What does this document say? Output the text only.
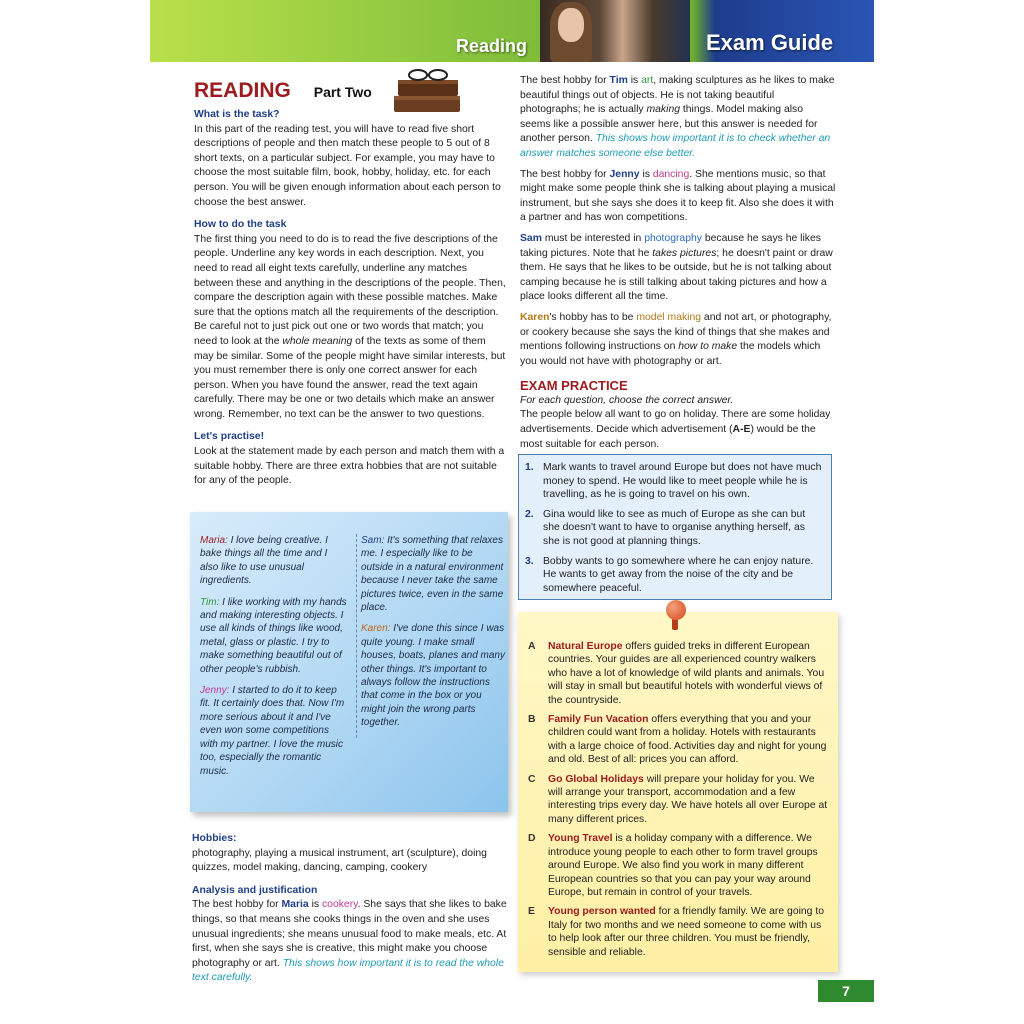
Reading	Exam Guide
READING Part Two
What is the task?

In this part of the reading test, you will have to read five short descriptions of people and then match these people to 5 out of 8 short texts, on a particular subject. For example, you may have to choose the most suitable film, book, hobby, holiday, etc. for each person. You will be given enough information about each person to choose the best answer.

How to do the task

The first thing you need to do is to read the five descriptions of the people. Underline any key words in each description. Next, you need to read all eight texts carefully, underline any matches between these and anything in the descriptions of the people. Then, compare the description again with these possible matches. Make sure that the options match all the requirements of the description. Be careful not to just pick out one or two words that match; you need to look at the whole meaning of the texts as some of them may be similar. Some of the people might have similar interests, but you must remember there is only one correct answer for each person. When you have found the answer, read the text again carefully. There may be one or two details which make an answer wrong. Remember, no text can be the answer to two questions.

Let's practise!

Look at the statement made by each person and match them with a suitable hobby. There are three extra hobbies that are not suitable for any of the people.

Maria: I love being creative. I bake things all the time and I also like to use unusual ingredients.
Tim: I like working with my hands and making interesting objects. I use all kinds of things like wood, metal, glass or plastic. I try to make something beautiful out of other people's rubbish.
Jenny: I started to do it to keep fit. It certainly does that. Now I'm more serious about it and I've even won some competitions with my partner. I love the music too, especially the romantic music.
Sam: It's something that relaxes me. I especially like to be outside in a natural environment because I never take the same pictures twice, even in the same place.
Karen: I've done this since I was quite young. I make small houses, boats, planes and many other things. It's important to always follow the instructions that come in the box or you might join the wrong parts together.
Hobbies:

photography, playing a musical instrument, art (sculpture), doing quizzes, model making, dancing, camping, cookery

Analysis and justification

The best hobby for Maria is cookery. She says that she likes to bake things, so that means she cooks things in the oven and she uses unusual ingredients; she means unusual food to make meals, etc. At first, when she says she is creative, this might make you choose photography or art. This shows how important it is to read the whole text carefully.

The best hobby for Tim is art, making sculptures as he likes to make beautiful things out of objects. He is not taking beautiful photographs; he is actually making things. Model making also seems like a possible answer here, but this answer is needed for another person. This shows how important it is to check whether an answer matches someone else better.

The best hobby for Jenny is dancing. She mentions music, so that might make some people think she is talking about playing a musical instrument, but she says she does it to keep fit. Also she does it with a partner and has won competitions.

Sam must be interested in photography because he says he likes taking pictures. Note that he takes pictures; he doesn't paint or draw them. He says that he likes to be outside, but he is not talking about camping because he is still talking about taking pictures and how a place looks different all the time.

Karen's hobby has to be model making and not art, or photography, or cookery because she says the kind of things that she makes and mentions following instructions on how to make the models which you would not have with photography or art.

EXAM PRACTICE

For each question, choose the correct answer.

The people below all want to go on holiday. There are some holiday advertisements. Decide which advertisement (A-E) would be the most suitable for each person.

1. Mark wants to travel around Europe but does not have much money to spend. He would like to meet people while he is travelling, as he is going to travel on his own.
2. Gina would like to see as much of Europe as she can but she doesn't want to have to organise anything herself, as she is not good at planning things.
3. Bobby wants to go somewhere where he can enjoy nature. He wants to get away from the noise of the city and be somewhere peaceful.
A Natural Europe offers guided treks in different European countries. Your guides are all experienced country walkers who have a lot of knowledge of wild plants and animals. You will stay in small but beautiful hotels with wonderful views of the countryside.
B Family Fun Vacation offers everything that you and your children could want from a holiday. Hotels with restaurants with a large choice of food. Activities day and night for young and old. Best of all: prices you can afford.
C Go Global Holidays will prepare your holiday for you. We will arrange your transport, accommodation and a few interesting trips every day. We have hotels all over Europe at many different prices.
D Young Travel is a holiday company with a difference. We introduce young people to each other to form travel groups around Europe. We also find you work in many different European countries so that you can pay your way around Europe, but remain in control of your travels.
E Young person wanted for a friendly family. We are going to Italy for two months and we need someone to come with us to help look after our three children. You must be friendly, sensible and reliable.
7
